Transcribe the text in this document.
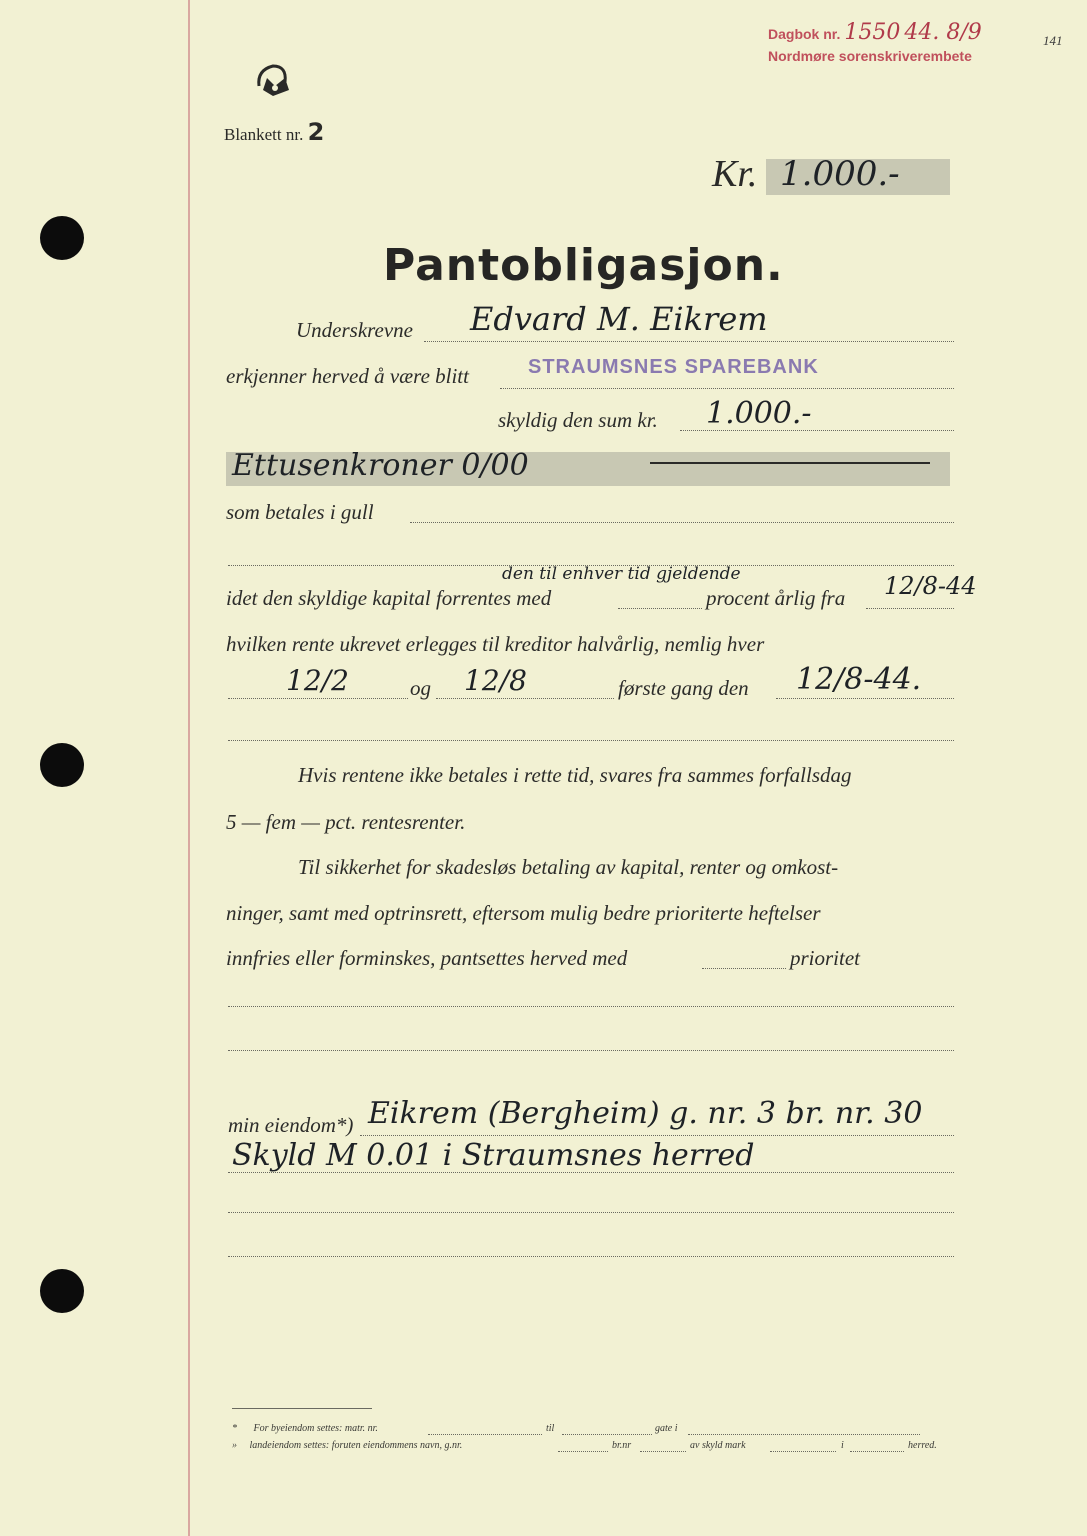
Dagbok nr. 1550 44. 8/9
Nordmøre sorenskriverembete
141
Blankett nr. 2
Kr. 1.000.-
Pantobligasjon.
Underskrevne Edvard M. Eikrem
erkjenner herved å være blitt	STRAUMSNES SPAREBANK
skyldig den sum kr. 1.000.-
Ettusenkroner 0/00
som betales i gull
den til enhver tid gjeldende
idet den skyldige kapital forrentes med	procent årlig fra 12/8-44
hvilken rente ukrevet erlegges til kreditor halvårlig, nemlig hver
12/2	og 12/8	første gang den 12/8-44.
Hvis rentene ikke betales i rette tid, svares fra sammes forfallsdag
5 — fem — pct. rentesrenter.
Til sikkerhet for skadesløs betaling av kapital, renter og omkost-
ninger, samt med optrinsrett, eftersom mulig bedre prioriterte heftelser
innfries eller forminskes, pantsettes herved med	prioritet
min eiendom*) Eikrem (Bergheim) g. nr. 3 br. nr. 30
Skyld M 0.01 i Straumsnes herred
* For byeiendom settes: matr. nr.	til	gate i
» landeiendom settes: foruten eiendommens navn, g.nr.	br.nr	av skyld mark	i	herred.
